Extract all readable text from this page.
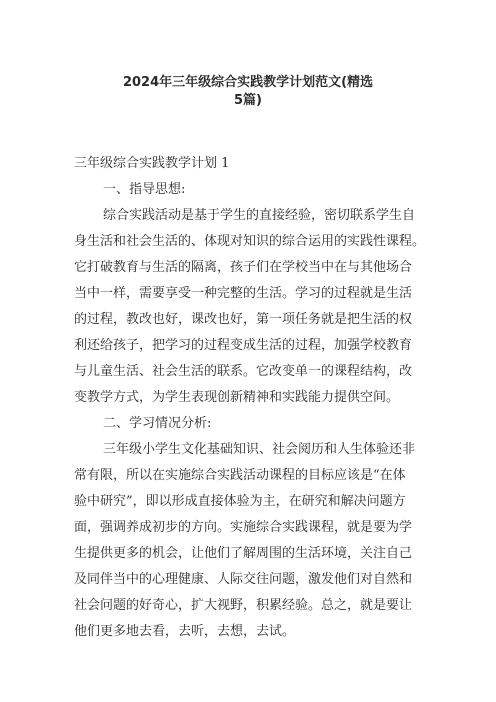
2024年三年级综合实践教学计划范文(精选
5篇)
三年级综合实践教学计划 1
一、指导思想:
综合实践活动是基于学生的直接经验，密切联系学生自
身生活和社会生活的、体现对知识的综合运用的实践性课程。
它打破教育与生活的隔离，孩子们在学校当中在与其他场合
当中一样，需要享受一种完整的生活。学习的过程就是生活
的过程，教改也好，课改也好，第一项任务就是把生活的权
利还给孩子，把学习的过程变成生活的过程，加强学校教育
与儿童生活、社会生活的联系。它改变单一的课程结构，改
变教学方式，为学生表现创新精神和实践能力提供空间。
二、学习情况分析:
三年级小学生文化基础知识、社会阅历和人生体验还非
常有限，所以在实施综合实践活动课程的目标应该是“在体
验中研究”，即以形成直接体验为主，在研究和解决问题方
面，强调养成初步的方向。实施综合实践课程，就是要为学
生提供更多的机会，让他们了解周围的生活环境，关注自己
及同伴当中的心理健康、人际交往问题，激发他们对自然和
社会问题的好奇心，扩大视野，积累经验。总之，就是要让
他们更多地去看，去听，去想，去试。
